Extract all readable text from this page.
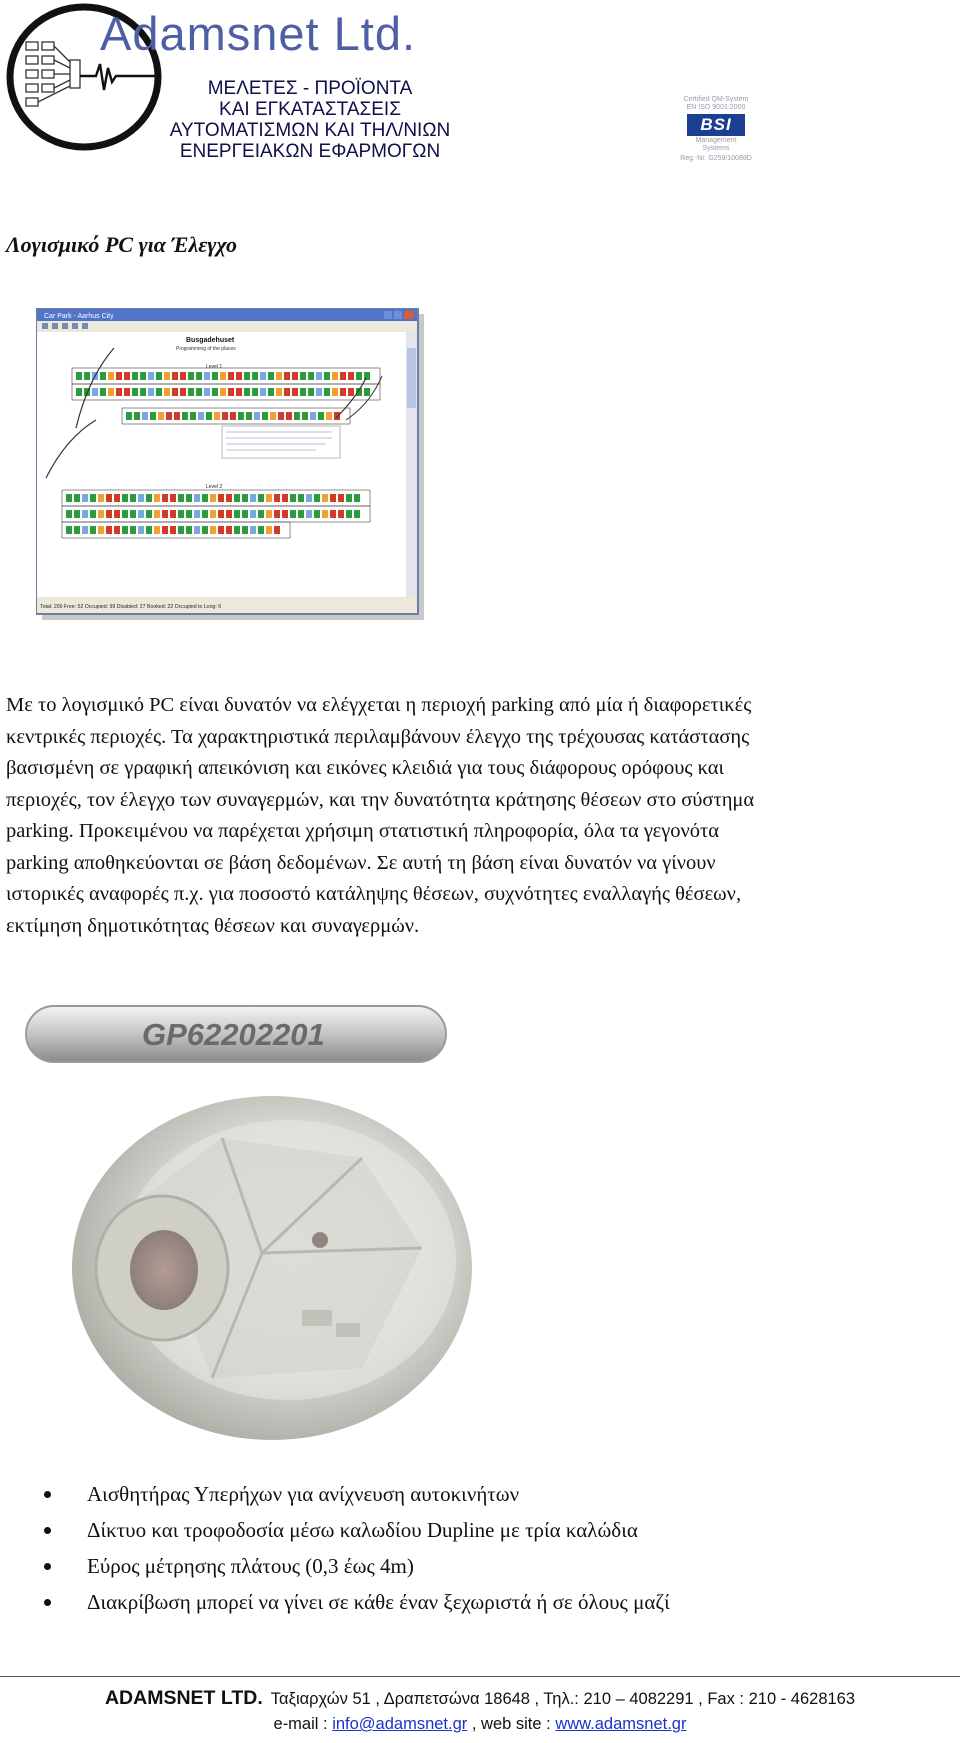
Adamsnet Ltd.
ΜΕΛΕΤΕΣ - ΠΡΟΪΟΝΤΑ
ΚΑΙ ΕΓΚΑΤΑΣΤΑΣΕΙΣ
ΑΥΤΟΜΑΤΙΣΜΩΝ ΚΑΙ ΤΗΛ/ΝΙΩΝ
ΕΝΕΡΓΕΙΑΚΩΝ ΕΦΑΡΜΟΓΩΝ
Certified QM-System
EN ISO 9001:2000
BSI
Management
Systems
Reg.-Nr. G259/10088D
Λογισμικό PC για Έλεγχο
Car Park - Aarhus City
Busgadehuset
Programming of the places
Level 1
Level 2
Total: 200 Free: 52 Occupied: 99 Disabled: 27 Booked: 22 Occupied to Long: 6
Με το λογισμικό PC είναι δυνατόν να ελέγχεται η περιοχή parking από μία ή διαφορετικές
κεντρικές περιοχές. Τα χαρακτηριστικά περιλαμβάνουν έλεγχο της τρέχουσας κατάστασης
βασισμένη σε γραφική απεικόνιση και εικόνες κλειδιά για τους διάφορους ορόφους και
περιοχές, τον έλεγχο των συναγερμών, και την δυνατότητα κράτησης θέσεων στο σύστημα
parking. Προκειμένου να παρέχεται χρήσιμη στατιστική πληροφορία, όλα τα γεγονότα
parking αποθηκεύονται σε βάση δεδομένων. Σε αυτή τη βάση είναι δυνατόν να γίνουν
ιστορικές αναφορές π.χ. για ποσοστό κατάληψης θέσεων, συχνότητες εναλλαγής θέσεων,
εκτίμηση δημοτικότητας θέσεων και συναγερμών.
GP62202201
Αισθητήρας Υπερήχων για ανίχνευση αυτοκινήτων
Δίκτυο και τροφοδοσία μέσω καλωδίου Dupline με τρία καλώδια
Εύρος μέτρησης πλάτους (0,3 έως 4m)
Διακρίβωση μπορεί να γίνει σε κάθε έναν ξεχωριστά ή σε όλους μαζί
ADAMSNET LTD. Ταξιαρχών 51 , Δραπετσώνα 18648 , Τηλ.: 210 – 4082291 , Fax : 210 - 4628163
e-mail : info@adamsnet.gr , web site : www.adamsnet.gr
